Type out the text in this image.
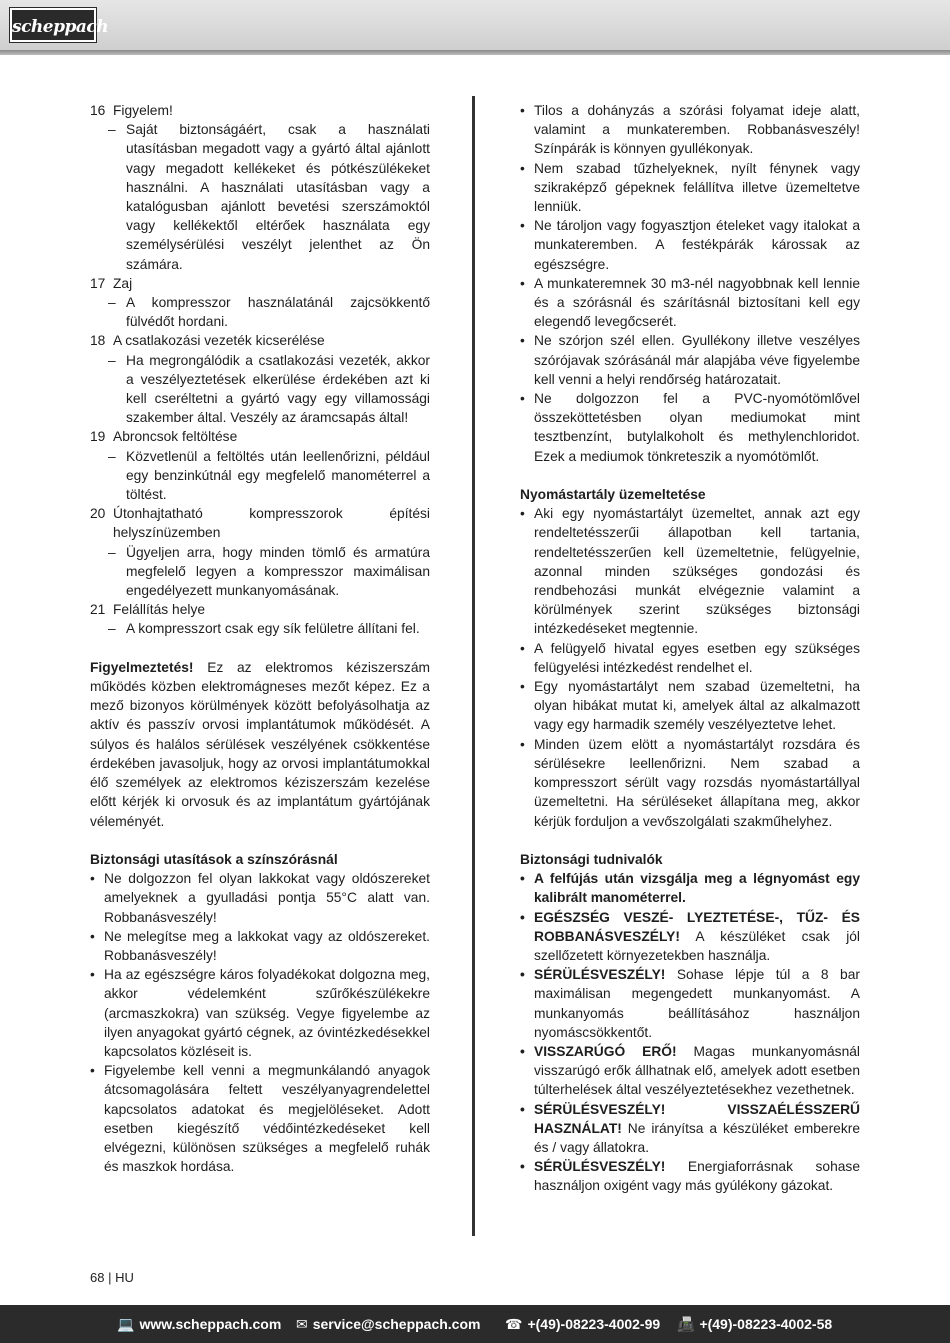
scheppach
16 Figyelem!
– Saját biztonságáért, csak a használati utasításban megadott vagy a gyártó által ajánlott vagy megadott kellékeket és pótkészülékeket használni. A használati utasításban vagy a katalógusban ajánlott bevetési szerszámoktól vagy kellékektől eltérőek használata egy személysérülési veszélyt jelenthet az Ön számára.
17 Zaj
– A kompresszor használatánál zajcsökkentő fülvédőt hordani.
18 A csatlakozási vezeték kicserélése
– Ha megrongálódik a csatlakozási vezeték, akkor a veszélyeztetések elkerülése érdekében azt ki kell cseréltetni a gyártó vagy egy villamossági szakember által. Veszély az áramcsapás által!
19 Abroncsok feltöltése
– Közvetlenül a feltöltés után leellenőrizni, például egy benzinkútnál egy megfelelő manométerrel a töltést.
20 Útonhajtatható kompresszorok építési helyszínüzemben
– Ügyeljen arra, hogy minden tömlő és armatúra megfelelő legyen a kompresszor maximálisan engedélyezett munkanyomásának.
21 Felállítás helye
– A kompresszort csak egy sík felületre állítani fel.
Figyelmeztetés! Ez az elektromos kéziszerszám működés közben elektromágneses mezőt képez. Ez a mező bizonyos körülmények között befolyásolhatja az aktív és passzív orvosi implantátumok működését. A súlyos és halálos sérülések veszélyének csökkentése érdekében javasoljuk, hogy az orvosi implantátumokkal élő személyek az elektromos kéziszerszám kezelése előtt kérjék ki orvosuk és az implantátum gyártójának véleményét.
Biztonsági utasítások a színszórásnál
• Ne dolgozzon fel olyan lakkokat vagy oldószereket amelyeknek a gyulladási pontja 55°C alatt van. Robbanásveszély!
• Ne melegítse meg a lakkokat vagy az oldószereket. Robbanásveszély!
• Ha az egészségre káros folyadékokat dolgozna meg, akkor védelemként szűrőkészülékekre (arcmaszkokra) van szükség. Vegye figyelembe az ilyen anyagokat gyártó cégnek, az óvintézkedésekkel kapcsolatos közléseit is.
• Figyelembe kell venni a megmunkálandó anyagok átcsomagolására feltett veszélyanyagrendelettel kapcsolatos adatokat és megjelöléseket. Adott esetben kiegészítő védőintézkedéseket kell elvégezni, különösen szükséges a megfelelő ruhák és maszkok hordása.
• Tilos a dohányzás a szórási folyamat ideje alatt, valamint a munkateremben. Robbanásveszély! Színpárák is könnyen gyullékonyak.
• Nem szabad tűzhelyeknek, nyílt fénynek vagy szikraképző gépeknek felállítva illetve üzemeltetve lenniük.
• Ne tároljon vagy fogyasztjon ételeket vagy italokat a munkateremben. A festékpárák károssak az egészségre.
• A munkateremnek 30 m3-nél nagyobbnak kell lennie és a szórásnál és szárításnál biztosítani kell egy elegendő levegőcserét.
• Ne szórjon szél ellen. Gyullékony illetve veszélyes szórójavak szórásánál már alapjába véve figyelembe kell venni a helyi rendőrség határozatait.
• Ne dolgozzon fel a PVC-nyomótömlővel összeköttetésben olyan mediumokat mint tesztbenzínt, butylalkoholt és methylenchloridot. Ezek a mediumok tönkreteszik a nyomótömlőt.
Nyomástartály üzemeltetése
• Aki egy nyomástartályt üzemeltet, annak azt egy rendeltetésszerűi állapotban kell tartania, rendeltetésszerűen kell üzemeltetnie, felügyelnie, azonnal minden szükséges gondozási és rendbehozási munkát elvégeznie valamint a körülmények szerint szükséges biztonsági intézkedéseket megtennie.
• A felügyelő hivatal egyes esetben egy szükséges felügyelési intézkedést rendelhet el.
• Egy nyomástartályt nem szabad üzemeltetni, ha olyan hibákat mutat ki, amelyek által az alkalmazott vagy egy harmadik személy veszélyeztetve lehet.
• Minden üzem elött a nyomástartályt rozsdára és sérülésekre leellenőrizni. Nem szabad a kompresszort sérült vagy rozsdás nyomástartállyal üzemeltetni. Ha sérüléseket állapítana meg, akkor kérjük forduljon a vevőszolgálati szakműhelyhez.
Biztonsági tudnivalók
• A felfújás után vizsgálja meg a légnyomást egy kalibrált manométerrel.
• EGÉSZSÉG VESZÉ- LYEZTETÉSE-, TŰZ- ÉS ROBBANÁSVESZÉLY! A készüléket csak jól szellőzetett környezetekben használja.
• SÉRÜLÉSVESZÉLY! Sohase lépje túl a 8 bar maximálisan megengedett munkanyomást. A munkanyomás beállításához használjon nyomáscsökkentőt.
• VISSZARÚGÓ ERŐ! Magas munkanyomásnál visszarúgó erők állhatnak elő, amelyek adott esetben túlterhelések által veszélyeztetésekhez vezethetnek.
• SÉRÜLÉSVESZÉLY! VISSZAÉLÉSSZERŰ HASZNÁLAT! Ne irányítsa a készüléket emberekre és / vagy állatokra.
• SÉRÜLÉSVESZÉLY! Energiaforrásnak sohase használjon oxigént vagy más gyúlékony gázokat.
68 | HU
💻 www.scheppach.com ✉ service@scheppach.com ☎ +(49)-08223-4002-99 📠 +(49)-08223-4002-58
